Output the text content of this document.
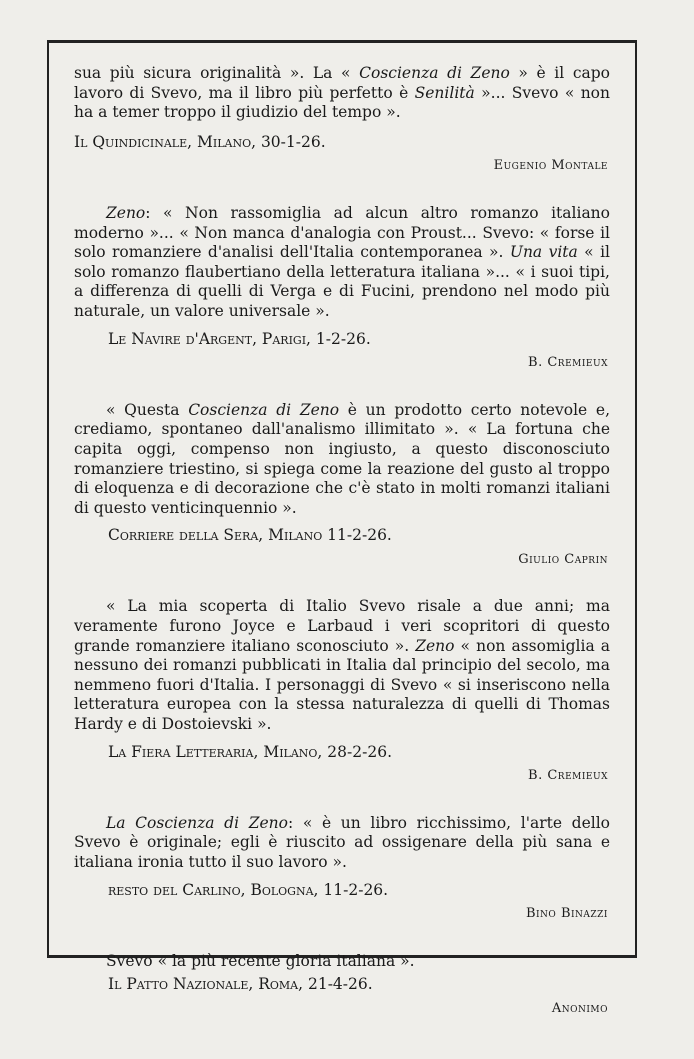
sua più sicura originalità ». La « Coscienza di Zeno » è il capo lavoro di Svevo, ma il libro più perfetto è Senilità »... Svevo « non ha a temer troppo il giudizio del tempo ».

Il Quindicinale, Milano, 30-1-26.
Eugenio Montale

Zeno: « Non rassomiglia ad alcun altro romanzo italiano moderno »... « Non manca d'analogia con Proust... Svevo: « forse il solo romanziere d'analisi dell'Italia contemporanea ». Una vita « il solo romanzo flaubertiano della letteratura italiana »... « i suoi tipi, a differenza di quelli di Verga e di Fucini, prendono nel modo più naturale, un valore universale ».

Le Navire d'Argent, Parigi, 1-2-26.
B. Cremieux

« Questa Coscienza di Zeno è un prodotto certo notevole e, crediamo, spontaneo dall'analismo illimitato ». « La fortuna che capita oggi, compenso non ingiusto, a questo disconosciuto romanziere triestino, si spiega come la reazione del gusto al troppo di eloquenza e di decorazione che c'è stato in molti romanzi italiani di questo venticinquennio ».

Corriere della Sera, Milano 11-2-26.
Giulio Caprin

« La mia scoperta di Italio Svevo risale a due anni; ma veramente furono Joyce e Larbaud i veri scopritori di questo grande romanziere italiano sconosciuto ». Zeno « non assomiglia a nessuno dei romanzi pubblicati in Italia dal principio del secolo, ma nemmeno fuori d'Italia. I personaggi di Svevo « si inseriscono nella letteratura europea con la stessa naturalezza di quelli di Thomas Hardy e di Dostoievski ».

La Fiera Letteraria, Milano, 28-2-26.
B. Cremieux

La Coscienza di Zeno: « è un libro ricchissimo, l'arte dello Svevo è originale; egli è riuscito ad ossigenare della più sana e italiana ironia tutto il suo lavoro ».

resto del Carlino, Bologna, 11-2-26.
Bino Binazzi

Svevo « la più recente gloria italiana ».

Il Patto Nazionale, Roma, 21-4-26.
Anonimo
